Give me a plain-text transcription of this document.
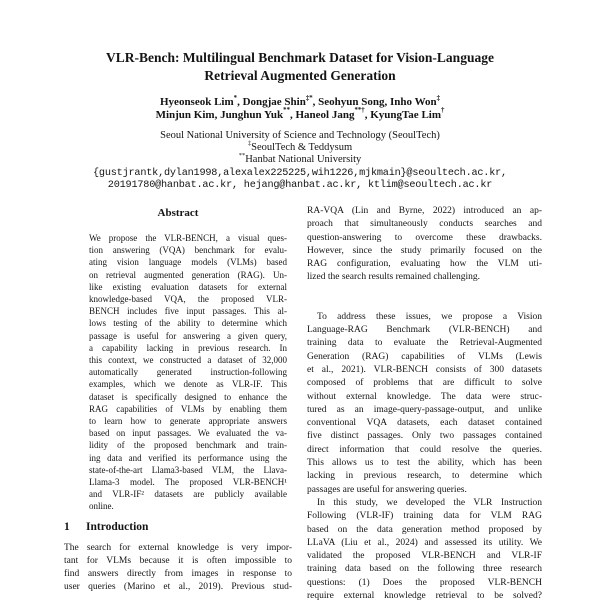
VLR-Bench: Multilingual Benchmark Dataset for Vision-Language
Retrieval Augmented Generation
Hyeonseok Lim*, Dongjae Shin‡*, Seohyun Song, Inho Won‡
Minjun Kim, Junghun Yuk**, Haneol Jang**†, KyungTae Lim†
Seoul National University of Science and Technology (SeoulTech)
‡SeoulTech & Teddysum
**Hanbat National University
{gustjrantk,dylan1998,alexalex225225,wih1226,mjkmain}@seoultech.ac.kr,
20191780@hanbat.ac.kr, hejang@hanbat.ac.kr, ktlim@seoultech.ac.kr
Abstract
We propose the VLR-BENCH, a visual ques-
tion answering (VQA) benchmark for evalu-
ating vision language models (VLMs) based
on retrieval augmented generation (RAG). Un-
like existing evaluation datasets for external
knowledge-based VQA, the proposed VLR-
BENCH includes five input passages. This al-
lows testing of the ability to determine which
passage is useful for answering a given query,
a capability lacking in previous research. In
this context, we constructed a dataset of 32,000
automatically generated instruction-following
examples, which we denote as VLR-IF. This
dataset is specifically designed to enhance the
RAG capabilities of VLMs by enabling them
to learn how to generate appropriate answers
based on input passages. We evaluated the va-
lidity of the proposed benchmark and train-
ing data and verified its performance using the
state-of-the-art Llama3-based VLM, the Llava-
Llama-3 model. The proposed VLR-BENCH¹
and VLR-IF² datasets are publicly available
online.
1 Introduction
The search for external knowledge is very impor-
tant for VLMs because it is often impossible to
find answers directly from images in response to
user queries (Marino et al., 2019). Previous stud-
RA-VQA (Lin and Byrne, 2022) introduced an ap-
proach that simultaneously conducts searches and
question-answering to overcome these drawbacks.
However, since the study primarily focused on the
RAG configuration, evaluating how the VLM uti-
lized the search results remained challenging.
To address these issues, we propose a Vision
Language-RAG Benchmark (VLR-BENCH) and
training data to evaluate the Retrieval-Augmented
Generation (RAG) capabilities of VLMs (Lewis
et al., 2021). VLR-BENCH consists of 300 datasets
composed of problems that are difficult to solve
without external knowledge. The data were struc-
tured as an image-query-passage-output, and unlike
conventional VQA datasets, each dataset contained
five distinct passages. Only two passages contained
direct information that could resolve the queries.
This allows us to test the ability, which has been
lacking in previous research, to determine which
passages are useful for answering queries.
In this study, we developed the VLR Instruction
Following (VLR-IF) training data for VLM RAG
based on the data generation method proposed by
LLaVA (Liu et al., 2024) and assessed its utility. We
validated the proposed VLR-BENCH and VLR-IF
training data based on the following three research
questions: (1) Does the proposed VLR-BENCH
require external knowledge retrieval to be solved?
